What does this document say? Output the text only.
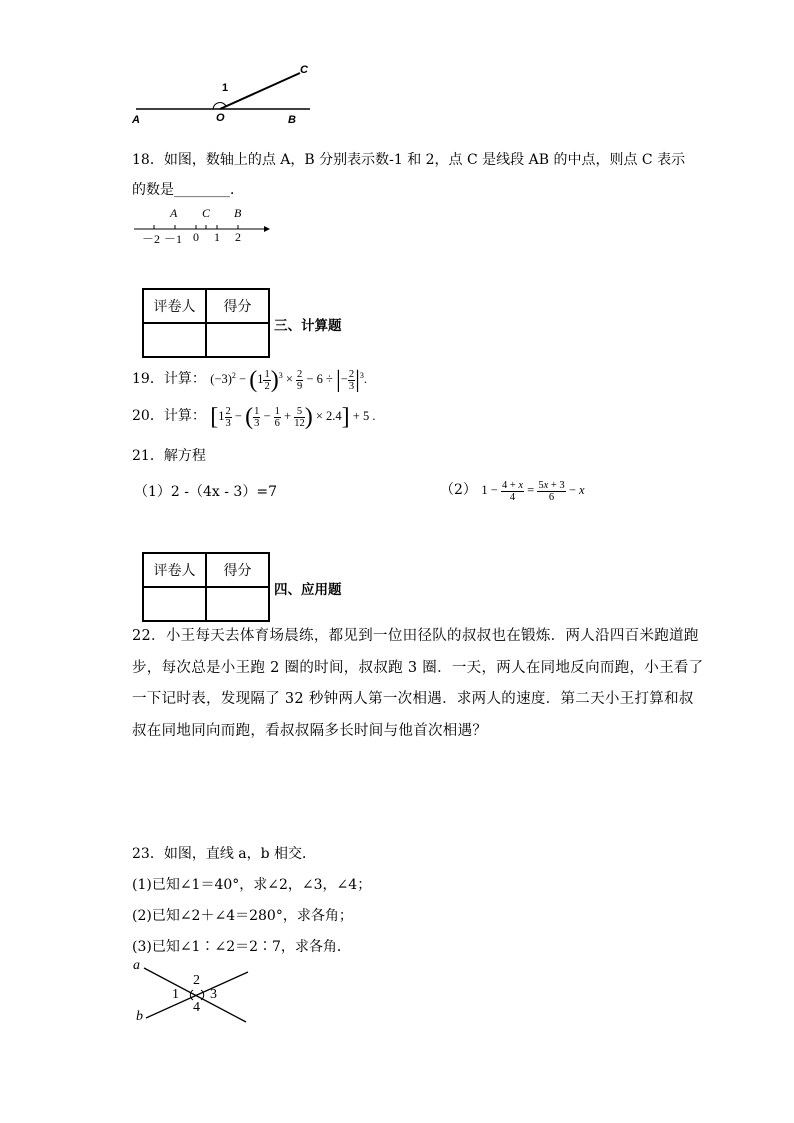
C
1
A	O	B
18．如图，数轴上的点 A，B 分别表示数-1 和 2，点 C 是线段 AB 的中点，则点 C 表示
的数是________．
A C B
－2 －1 0 1 2
评卷人	得分

三、计算题
19．计算： $(-3)^2 - (1 \frac{1}{2} )^3 \times \frac{2}{9} - 6$ ÷ |− $\frac{2}{3} |^3$.
20．计算： [$1 \frac{2}{3}$ − ( $\frac{1}{3} - \frac{1}{6} + \frac{5}{12}$ ) × 2.4] + 5 .
21．解方程
（1）2 -（4x - 3）=7	（2） $1 - \frac{4 + x}{4} = \frac{5x + 3}{6} - x$
评卷人	得分

四、应用题
22．小王每天去体育场晨练，都见到一位田径队的叔叔也在锻炼．两人沿四百米跑道跑
步，每次总是小王跑 2 圈的时间，叔叔跑 3 圈．一天，两人在同地反向而跑，小王看了
一下记时表，发现隔了 32 秒钟两人第一次相遇．求两人的速度．第二天小王打算和叔
叔在同地同向而跑，看叔叔隔多长时间与他首次相遇？
23．如图，直线 a，b 相交．
(1)已知∠1＝40°，求∠2，∠3，∠4；
(2)已知∠2＋∠4＝280°，求各角；
(3)已知∠1∶∠2＝2∶7，求各角．
a
b
1
2
3
4
